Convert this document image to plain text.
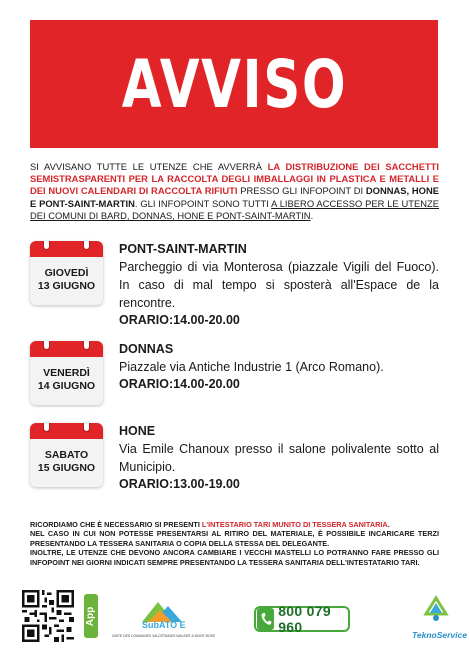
AVVISO
SI AVVISANO TUTTE LE UTENZE CHE AVVERRÀ LA DISTRIBUZIONE DEI SACCHETTI SEMISTRASPARENTI PER LA RACCOLTA DEGLI IMBALLAGGI IN PLASTICA E METALLI E DEI NUOVI CALENDARI DI RACCOLTA RIFIUTI PRESSO GLI INFOPOINT DI DONNAS, HONE E PONT-SAINT-MARTIN. GLI INFOPOINT SONO TUTTI A LIBERO ACCESSO PER LE UTENZE DEI COMUNI DI BARD, DONNAS, HONE E PONT-SAINT-MARTIN.
GIOVEDÌ
13 GIUGNO
PONT-SAINT-MARTIN
Parcheggio di via Monterosa (piazzale Vigili del Fuoco). In caso di mal tempo si sposterà all'Espace de la rencontre.
ORARIO:14.00-20.00
VENERDÌ
14 GIUGNO
DONNAS
Piazzale via Antiche Industrie 1 (Arco Romano).
ORARIO:14.00-20.00
SABATO
15 GIUGNO
HONE
Via Emile Chanoux presso il salone polivalente sotto al Municipio.
ORARIO:13.00-19.00
RICORDIAMO CHE È NECESSARIO SI PRESENTI L'INTESTARIO TARI MUNITO DI TESSERA SANITARIA.
NEL CASO IN CUI NON POTESSE PRESENTARSI AL RITIRO DEL MATERIALE, È POSSIBILE INCARICARE TERZI PRESENTANDO LA TESSERA SANITARIA O COPIA DELLA STESSA DEL DELEGANTE.
INOLTRE, LE UTENZE CHE DEVONO ANCORA CAMBIARE I VECCHI MASTELLI LO POTRANNO FARE PRESSO GLI INFOPOINT NEI GIORNI INDICATI SEMPRE PRESENTANDO LA TESSERA SANITARIA DELL'INTESTATARIO TARI.
App	SubATO E
UNITÉ DES COMMUNES VALDÔTAINES WALSER & MONT-ROSE
800 079 960	TeknoService
